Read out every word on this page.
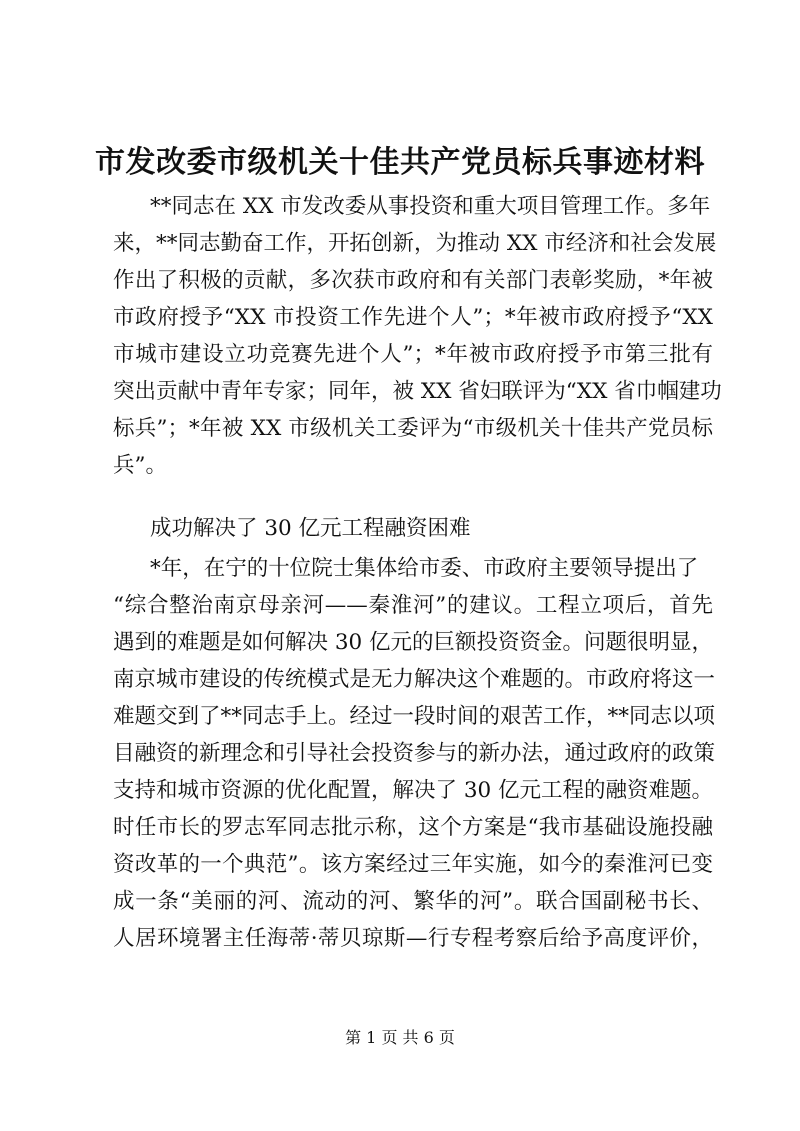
市发改委市级机关十佳共产党员标兵事迹材料
**同志在 XX 市发改委从事投资和重大项目管理工作。多年
来，**同志勤奋工作，开拓创新，为推动 XX 市经济和社会发展
作出了积极的贡献，多次获市政府和有关部门表彰奖励，*年被
市政府授予“XX 市投资工作先进个人”；*年被市政府授予“XX
市城市建设立功竞赛先进个人”；*年被市政府授予市第三批有
突出贡献中青年专家；同年，被 XX 省妇联评为“XX 省巾帼建功
标兵”；*年被 XX 市级机关工委评为“市级机关十佳共产党员标
兵”。
成功解决了 30 亿元工程融资困难
*年，在宁的十位院士集体给市委、市政府主要领导提出了
“综合整治南京母亲河——秦淮河”的建议。工程立项后，首先
遇到的难题是如何解决 30 亿元的巨额投资资金。问题很明显，
南京城市建设的传统模式是无力解决这个难题的。市政府将这一
难题交到了**同志手上。经过一段时间的艰苦工作，**同志以项
目融资的新理念和引导社会投资参与的新办法，通过政府的政策
支持和城市资源的优化配置，解决了 30 亿元工程的融资难题。
时任市长的罗志军同志批示称，这个方案是“我市基础设施投融
资改革的一个典范”。该方案经过三年实施，如今的秦淮河已变
成一条“美丽的河、流动的河、繁华的河”。联合国副秘书长、
人居环境署主任海蒂·蒂贝琼斯—行专程考察后给予高度评价，
第 1 页 共 6 页
